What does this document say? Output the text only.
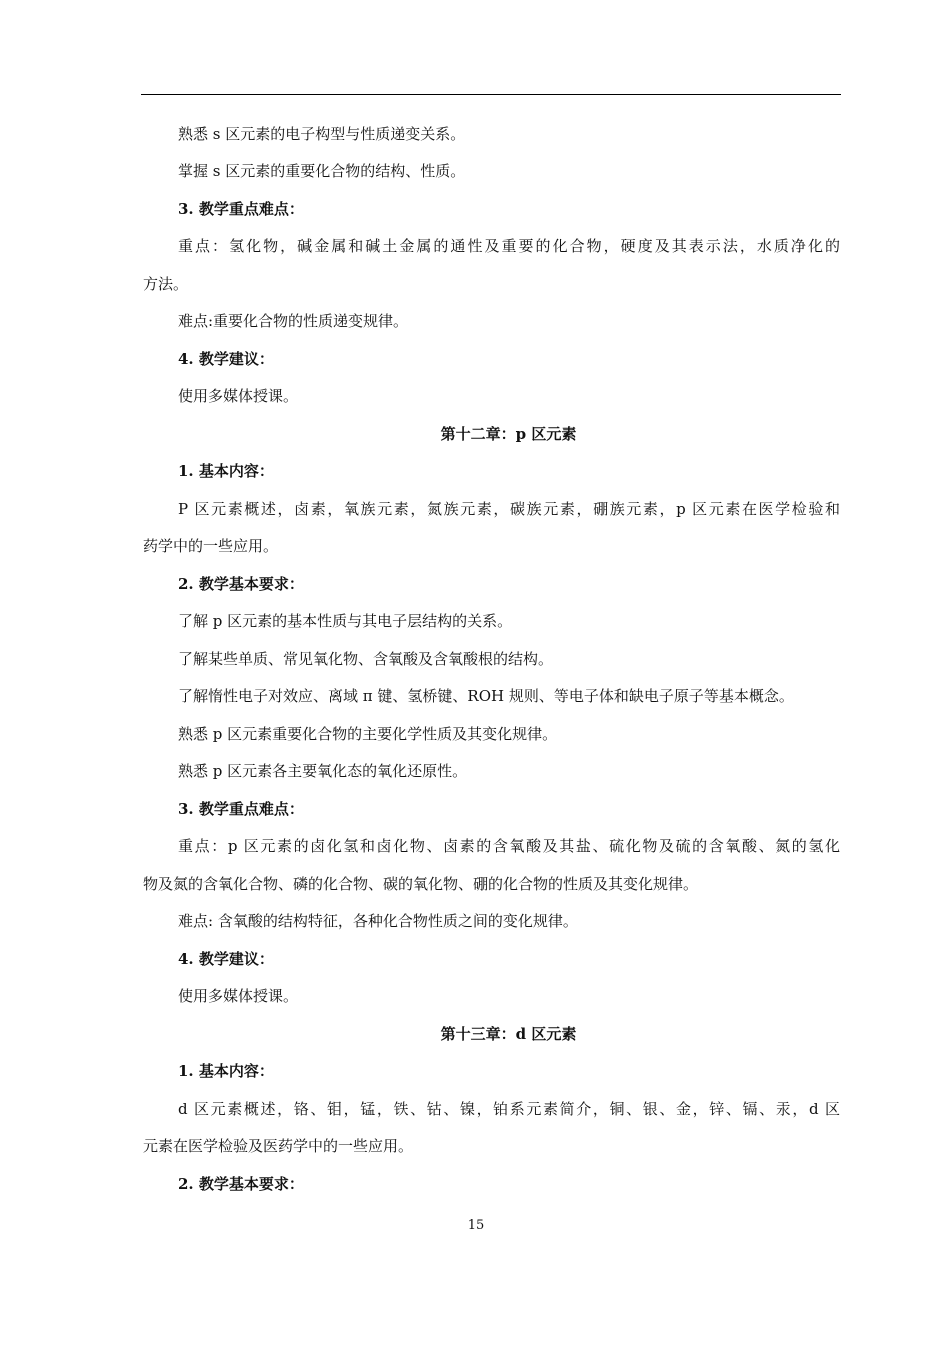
熟悉 s 区元素的电子构型与性质递变关系。
掌握 s 区元素的重要化合物的结构、性质。
3. 教学重点难点：
重点：氢化物，碱金属和碱土金属的通性及重要的化合物，硬度及其表示法，水质净化的
方法。
难点:重要化合物的性质递变规律。
4. 教学建议：
使用多媒体授课。
第十二章：p 区元素
1. 基本内容：
P 区元素概述，卤素，氧族元素，氮族元素，碳族元素，硼族元素，p 区元素在医学检验和
药学中的一些应用。
2. 教学基本要求：
了解 p 区元素的基本性质与其电子层结构的关系。
了解某些单质、常见氧化物、含氧酸及含氧酸根的结构。
了解惰性电子对效应、离域 π 键、氢桥键、ROH 规则、等电子体和缺电子原子等基本概念。
熟悉 p 区元素重要化合物的主要化学性质及其变化规律。
熟悉 p 区元素各主要氧化态的氧化还原性。
3. 教学重点难点：
重点：p 区元素的卤化氢和卤化物、卤素的含氧酸及其盐、硫化物及硫的含氧酸、氮的氢化
物及氮的含氧化合物、磷的化合物、碳的氧化物、硼的化合物的性质及其变化规律。
难点: 含氧酸的结构特征，各种化合物性质之间的变化规律。
4. 教学建议：
使用多媒体授课。
第十三章：d 区元素
1. 基本内容：
d 区元素概述，铬、钼，锰，铁、钴、镍，铂系元素简介，铜、银、金，锌、镉、汞，d 区
元素在医学检验及医药学中的一些应用。
2. 教学基本要求：
15
